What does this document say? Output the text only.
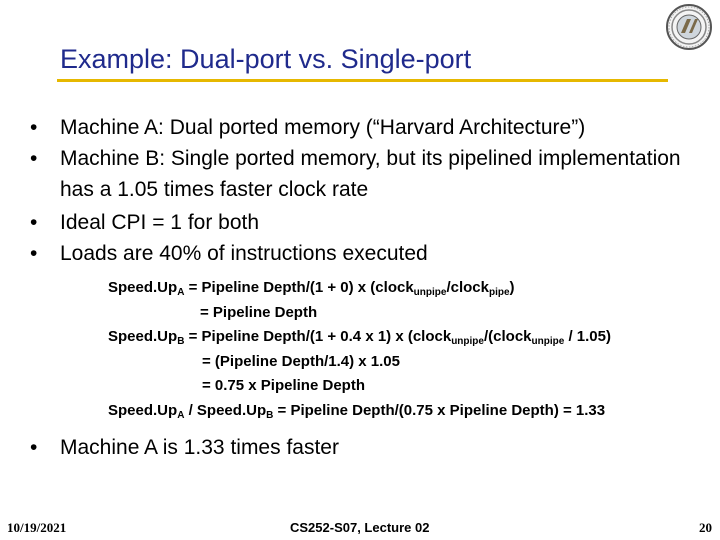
Example: Dual-port vs. Single-port
• Machine A: Dual ported memory (“Harvard Architecture”)
• Machine B: Single ported memory, but its pipelined implementation has a 1.05 times faster clock rate
• Ideal CPI = 1 for both
• Loads are 40% of instructions executed
$Speed.Up_A$ = Pipeline Depth/(1 + 0) x (clock$_{unpipe}$/clock$_{pipe}$)
= Pipeline Depth
$Speed.Up_B$ = Pipeline Depth/(1 + 0.4 x 1) x (clock$_{unpipe}$/(clock$_{unpipe}$ / 1.05)
= (Pipeline Depth/1.4) x 1.05
= 0.75 x Pipeline Depth
$Speed.Up_A$ / $Speed.Up_B$ = Pipeline Depth/(0.75 x Pipeline Depth) = 1.33
• Machine A is 1.33 times faster
10/19/2021	CS252-S07, Lecture 02	20
